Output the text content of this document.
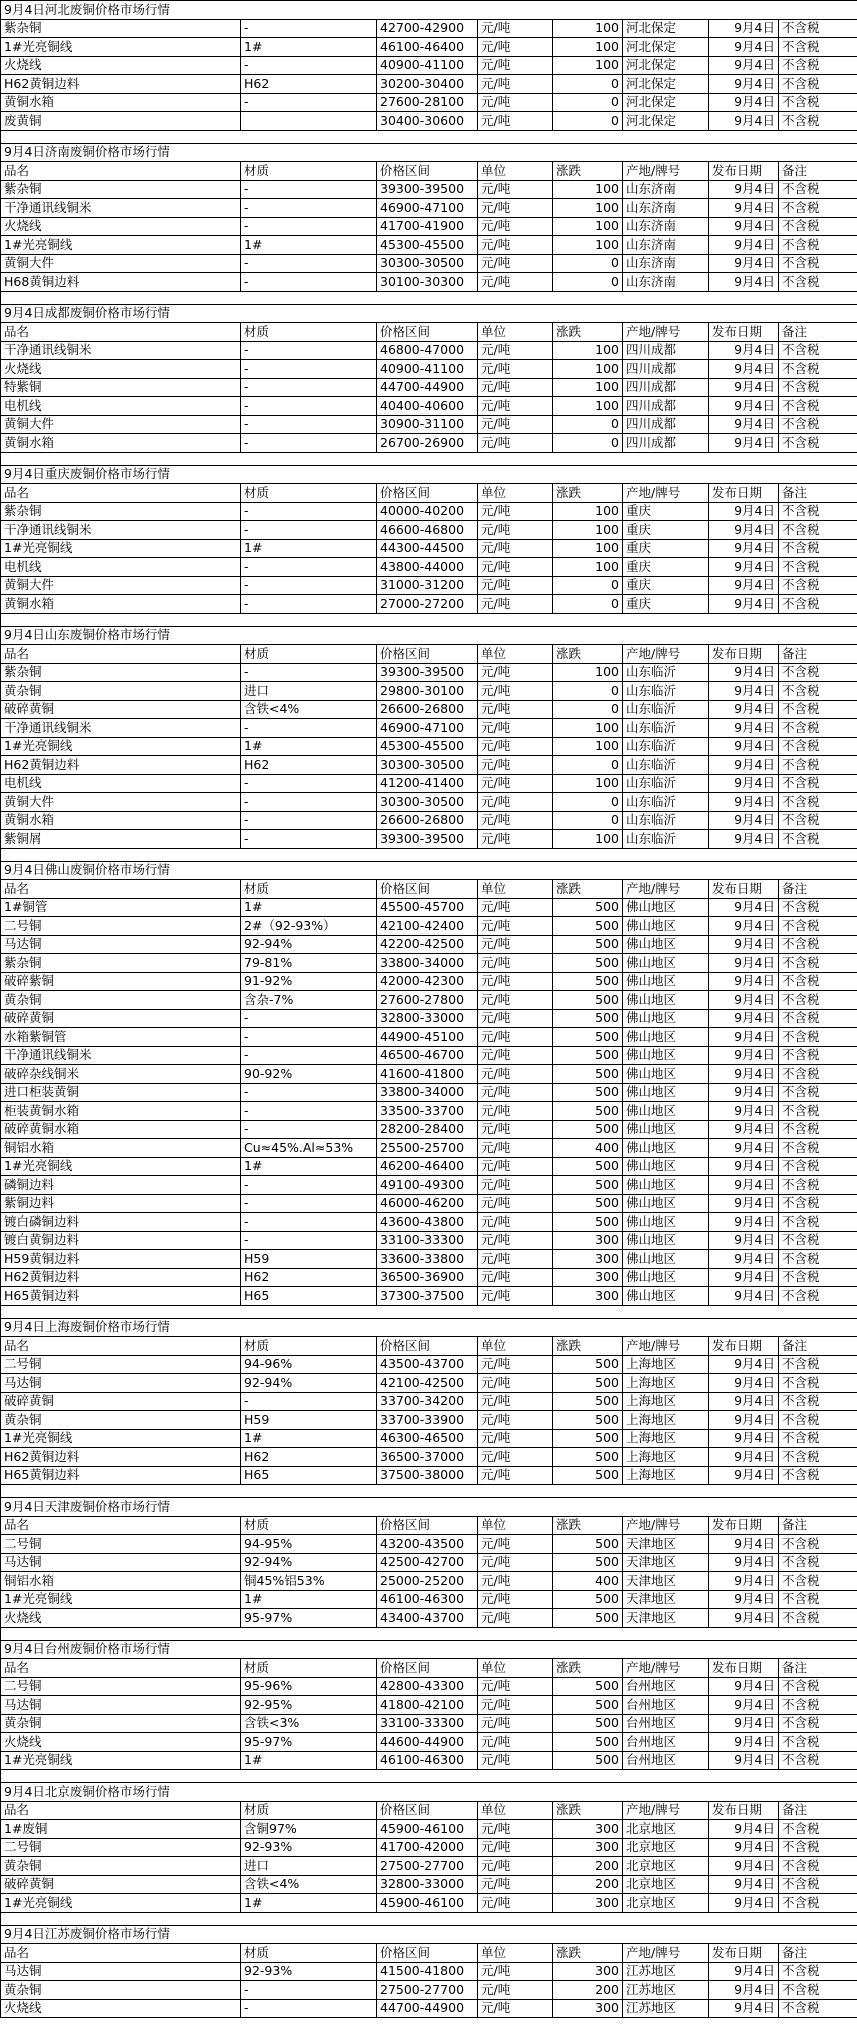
9月4日河北废铜价格市场行情							
紫杂铜	-	42700-42900	元/吨	100	河北保定	9月4日	不含税
1#光亮铜线	1#	46100-46400	元/吨	100	河北保定	9月4日	不含税
火烧线	-	40900-41100	元/吨	100	河北保定	9月4日	不含税
H62黄铜边料	H62	30200-30400	元/吨	0	河北保定	9月4日	不含税
黄铜水箱	-	27600-28100	元/吨	0	河北保定	9月4日	不含税
废黄铜		30400-30600	元/吨	0	河北保定	9月4日	不含税

9月4日济南废铜价格市场行情							
品名	材质	价格区间	单位	涨跌	产地/牌号	发布日期	备注
紫杂铜	-	39300-39500	元/吨	100	山东济南	9月4日	不含税
干净通讯线铜米	-	46900-47100	元/吨	100	山东济南	9月4日	不含税
火烧线	-	41700-41900	元/吨	100	山东济南	9月4日	不含税
1#光亮铜线	1#	45300-45500	元/吨	100	山东济南	9月4日	不含税
黄铜大件	-	30300-30500	元/吨	0	山东济南	9月4日	不含税
H68黄铜边料	-	30100-30300	元/吨	0	山东济南	9月4日	不含税

9月4日成都废铜价格市场行情							
品名	材质	价格区间	单位	涨跌	产地/牌号	发布日期	备注
干净通讯线铜米	-	46800-47000	元/吨	100	四川成都	9月4日	不含税
火烧线	-	40900-41100	元/吨	100	四川成都	9月4日	不含税
特紫铜	-	44700-44900	元/吨	100	四川成都	9月4日	不含税
电机线	-	40400-40600	元/吨	100	四川成都	9月4日	不含税
黄铜大件	-	30900-31100	元/吨	0	四川成都	9月4日	不含税
黄铜水箱	-	26700-26900	元/吨	0	四川成都	9月4日	不含税

9月4日重庆废铜价格市场行情							
品名	材质	价格区间	单位	涨跌	产地/牌号	发布日期	备注
紫杂铜	-	40000-40200	元/吨	100	重庆	9月4日	不含税
干净通讯线铜米	-	46600-46800	元/吨	100	重庆	9月4日	不含税
1#光亮铜线	1#	44300-44500	元/吨	100	重庆	9月4日	不含税
电机线	-	43800-44000	元/吨	100	重庆	9月4日	不含税
黄铜大件	-	31000-31200	元/吨	0	重庆	9月4日	不含税
黄铜水箱	-	27000-27200	元/吨	0	重庆	9月4日	不含税

9月4日山东废铜价格市场行情							
品名	材质	价格区间	单位	涨跌	产地/牌号	发布日期	备注
紫杂铜	-	39300-39500	元/吨	100	山东临沂	9月4日	不含税
黄杂铜	进口	29800-30100	元/吨	0	山东临沂	9月4日	不含税
破碎黄铜	含铁<4%	26600-26800	元/吨	0	山东临沂	9月4日	不含税
干净通讯线铜米	-	46900-47100	元/吨	100	山东临沂	9月4日	不含税
1#光亮铜线	1#	45300-45500	元/吨	100	山东临沂	9月4日	不含税
H62黄铜边料	H62	30300-30500	元/吨	0	山东临沂	9月4日	不含税
电机线	-	41200-41400	元/吨	100	山东临沂	9月4日	不含税
黄铜大件	-	30300-30500	元/吨	0	山东临沂	9月4日	不含税
黄铜水箱	-	26600-26800	元/吨	0	山东临沂	9月4日	不含税
紫铜屑	-	39300-39500	元/吨	100	山东临沂	9月4日	不含税

9月4日佛山废铜价格市场行情							
品名	材质	价格区间	单位	涨跌	产地/牌号	发布日期	备注
1#铜管	1#	45500-45700	元/吨	500	佛山地区	9月4日	不含税
二号铜	2#（92-93%）	42100-42400	元/吨	500	佛山地区	9月4日	不含税
马达铜	92-94%	42200-42500	元/吨	500	佛山地区	9月4日	不含税
紫杂铜	79-81%	33800-34000	元/吨	500	佛山地区	9月4日	不含税
破碎紫铜	91-92%	42000-42300	元/吨	500	佛山地区	9月4日	不含税
黄杂铜	含杂-7%	27600-27800	元/吨	500	佛山地区	9月4日	不含税
破碎黄铜	-	32800-33000	元/吨	500	佛山地区	9月4日	不含税
水箱紫铜管	-	44900-45100	元/吨	500	佛山地区	9月4日	不含税
干净通讯线铜米	-	46500-46700	元/吨	500	佛山地区	9月4日	不含税
破碎杂线铜米	90-92%	41600-41800	元/吨	500	佛山地区	9月4日	不含税
进口柜装黄铜	-	33800-34000	元/吨	500	佛山地区	9月4日	不含税
柜装黄铜水箱	-	33500-33700	元/吨	500	佛山地区	9月4日	不含税
破碎黄铜水箱	-	28200-28400	元/吨	500	佛山地区	9月4日	不含税
铜铝水箱	Cu≈45%.Al≈53%	25500-25700	元/吨	400	佛山地区	9月4日	不含税
1#光亮铜线	1#	46200-46400	元/吨	500	佛山地区	9月4日	不含税
磷铜边料	-	49100-49300	元/吨	500	佛山地区	9月4日	不含税
紫铜边料	-	46000-46200	元/吨	500	佛山地区	9月4日	不含税
镀白磷铜边料	-	43600-43800	元/吨	500	佛山地区	9月4日	不含税
镀白黄铜边料	-	33100-33300	元/吨	300	佛山地区	9月4日	不含税
H59黄铜边料	H59	33600-33800	元/吨	300	佛山地区	9月4日	不含税
H62黄铜边料	H62	36500-36900	元/吨	300	佛山地区	9月4日	不含税
H65黄铜边料	H65	37300-37500	元/吨	300	佛山地区	9月4日	不含税

9月4日上海废铜价格市场行情							
品名	材质	价格区间	单位	涨跌	产地/牌号	发布日期	备注
二号铜	94-96%	43500-43700	元/吨	500	上海地区	9月4日	不含税
马达铜	92-94%	42100-42500	元/吨	500	上海地区	9月4日	不含税
破碎黄铜	-	33700-34200	元/吨	500	上海地区	9月4日	不含税
黄杂铜	H59	33700-33900	元/吨	500	上海地区	9月4日	不含税
1#光亮铜线	1#	46300-46500	元/吨	500	上海地区	9月4日	不含税
H62黄铜边料	H62	36500-37000	元/吨	500	上海地区	9月4日	不含税
H65黄铜边料	H65	37500-38000	元/吨	500	上海地区	9月4日	不含税

9月4日天津废铜价格市场行情							
品名	材质	价格区间	单位	涨跌	产地/牌号	发布日期	备注
二号铜	94-95%	43200-43500	元/吨	500	天津地区	9月4日	不含税
马达铜	92-94%	42500-42700	元/吨	500	天津地区	9月4日	不含税
铜铝水箱	铜45%铝53%	25000-25200	元/吨	400	天津地区	9月4日	不含税
1#光亮铜线	1#	46100-46300	元/吨	500	天津地区	9月4日	不含税
火烧线	95-97%	43400-43700	元/吨	500	天津地区	9月4日	不含税

9月4日台州废铜价格市场行情							
品名	材质	价格区间	单位	涨跌	产地/牌号	发布日期	备注
二号铜	95-96%	42800-43300	元/吨	500	台州地区	9月4日	不含税
马达铜	92-95%	41800-42100	元/吨	500	台州地区	9月4日	不含税
黄杂铜	含铁<3%	33100-33300	元/吨	500	台州地区	9月4日	不含税
火烧线	95-97%	44600-44900	元/吨	500	台州地区	9月4日	不含税
1#光亮铜线	1#	46100-46300	元/吨	500	台州地区	9月4日	不含税

9月4日北京废铜价格市场行情							
品名	材质	价格区间	单位	涨跌	产地/牌号	发布日期	备注
1#废铜	含铜97%	45900-46100	元/吨	300	北京地区	9月4日	不含税
二号铜	92-93%	41700-42000	元/吨	300	北京地区	9月4日	不含税
黄杂铜	进口	27500-27700	元/吨	200	北京地区	9月4日	不含税
破碎黄铜	含铁<4%	32800-33000	元/吨	200	北京地区	9月4日	不含税
1#光亮铜线	1#	45900-46100	元/吨	300	北京地区	9月4日	不含税

9月4日江苏废铜价格市场行情							
品名	材质	价格区间	单位	涨跌	产地/牌号	发布日期	备注
马达铜	92-93%	41500-41800	元/吨	300	江苏地区	9月4日	不含税
黄杂铜	-	27500-27700	元/吨	200	江苏地区	9月4日	不含税
火烧线	-	44700-44900	元/吨	300	江苏地区	9月4日	不含税
